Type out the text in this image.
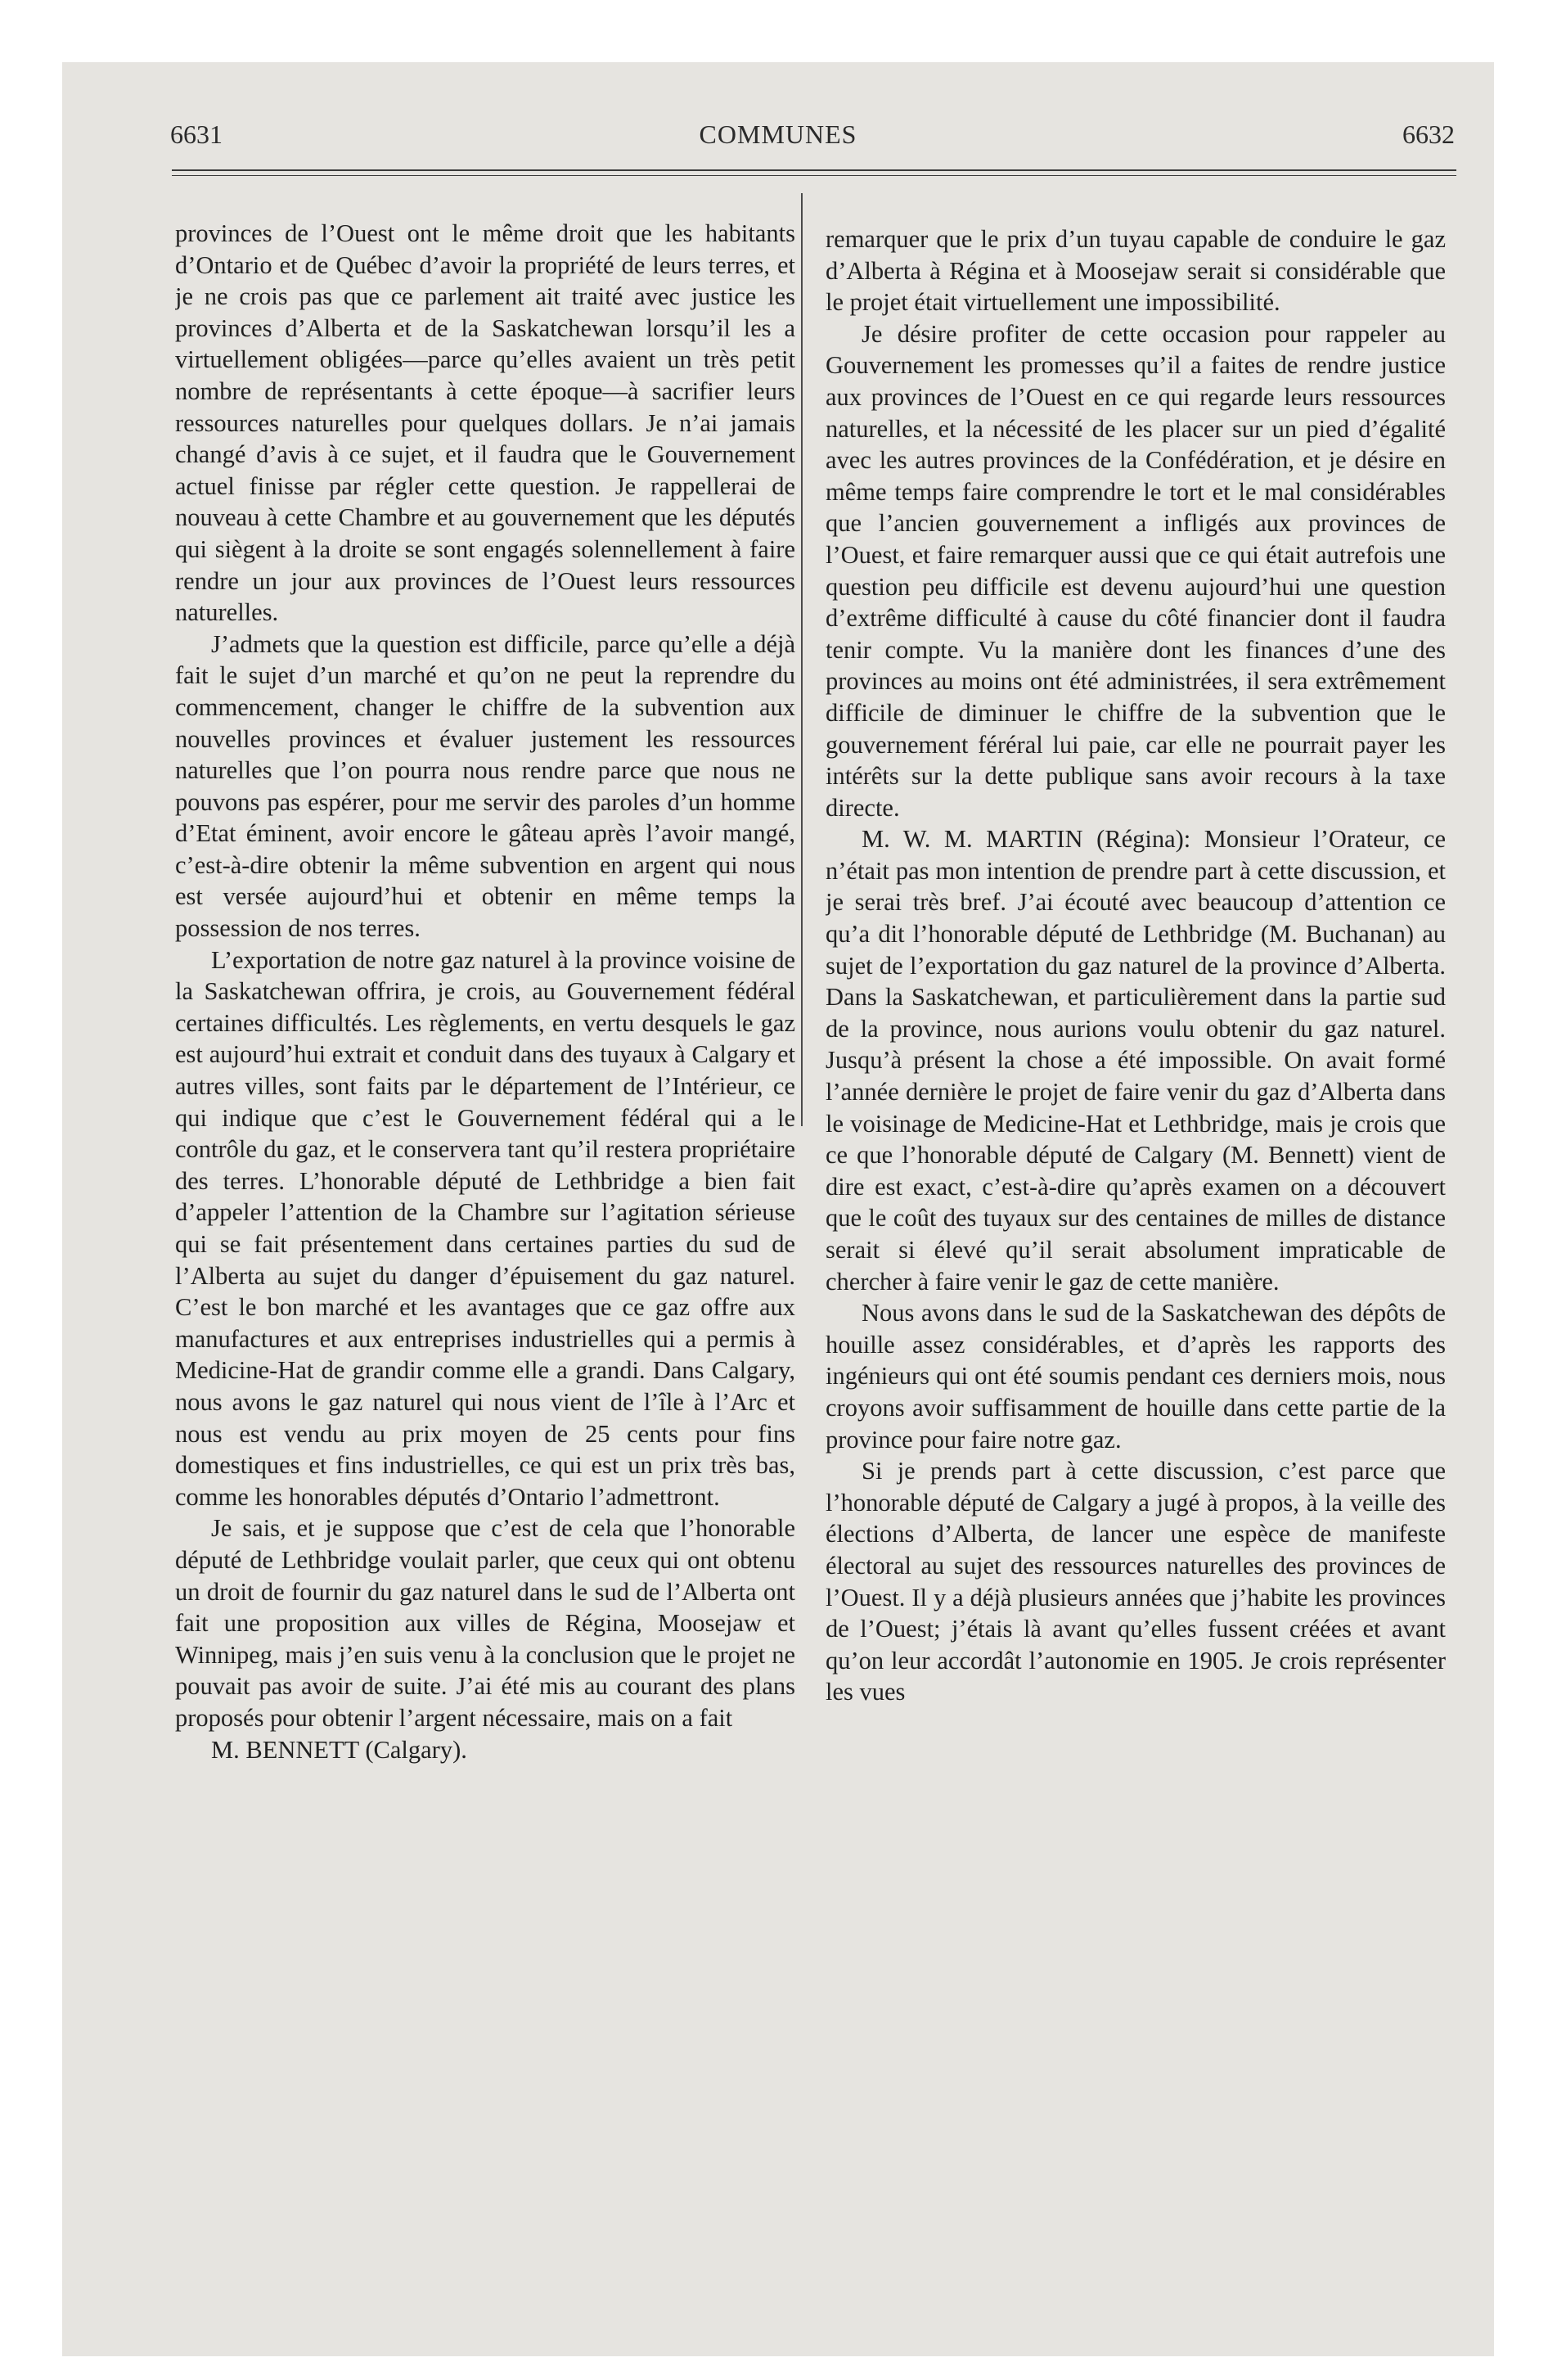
6631	COMMUNES	6632

provinces de l’Ouest ont le même droit que les habitants d’Ontario et de Québec d’avoir la propriété de leurs terres, et je ne crois pas que ce parlement ait traité avec justice les provinces d’Alberta et de la Saskatchewan lorsqu’il les a virtuellement obligées—parce qu’elles avaient un très petit nombre de représentants à cette époque—à sacrifier leurs ressources naturelles pour quelques dollars. Je n’ai jamais changé d’avis à ce sujet, et il faudra que le Gouvernement actuel finisse par régler cette question. Je rappellerai de nouveau à cette Chambre et au gouvernement que les députés qui siègent à la droite se sont engagés solennellement à faire rendre un jour aux provinces de l’Ouest leurs ressources naturelles.

J’admets que la question est difficile, parce qu’elle a déjà fait le sujet d’un marché et qu’on ne peut la reprendre du commencement, changer le chiffre de la subvention aux nouvelles provinces et évaluer justement les ressources naturelles que l’on pourra nous rendre parce que nous ne pouvons pas espérer, pour me servir des paroles d’un homme d’Etat éminent, avoir encore le gâteau après l’avoir mangé, c’est-à-dire obtenir la même subvention en argent qui nous est versée aujourd’hui et obtenir en même temps la possession de nos terres.

L’exportation de notre gaz naturel à la province voisine de la Saskatchewan offrira, je crois, au Gouvernement fédéral certaines difficultés. Les règlements, en vertu desquels le gaz est aujourd’hui extrait et conduit dans des tuyaux à Calgary et autres villes, sont faits par le département de l’Intérieur, ce qui indique que c’est le Gouvernement fédéral qui a le contrôle du gaz, et le conservera tant qu’il restera propriétaire des terres. L’honorable député de Lethbridge a bien fait d’appeler l’attention de la Chambre sur l’agitation sérieuse qui se fait présentement dans certaines parties du sud de l’Alberta au sujet du danger d’épuisement du gaz naturel. C’est le bon marché et les avantages que ce gaz offre aux manufactures et aux entreprises industrielles qui a permis à Medicine-Hat de grandir comme elle a grandi. Dans Calgary, nous avons le gaz naturel qui nous vient de l’île à l’Arc et nous est vendu au prix moyen de 25 cents pour fins domestiques et fins industrielles, ce qui est un prix très bas, comme les honorables députés d’Ontario l’admettront.

Je sais, et je suppose que c’est de cela que l’honorable député de Lethbridge voulait parler, que ceux qui ont obtenu un droit de fournir du gaz naturel dans le sud de l’Alberta ont fait une proposition aux villes de Régina, Moosejaw et Winnipeg, mais j’en suis venu à la conclusion que le projet ne pouvait pas avoir de suite. J’ai été mis au courant des plans proposés pour obtenir l’argent nécessaire, mais on a fait

M. BENNETT (Calgary).

remarquer que le prix d’un tuyau capable de conduire le gaz d’Alberta à Régina et à Moosejaw serait si considérable que le projet était virtuellement une impossibilité.

Je désire profiter de cette occasion pour rappeler au Gouvernement les promesses qu’il a faites de rendre justice aux provinces de l’Ouest en ce qui regarde leurs ressources naturelles, et la nécessité de les placer sur un pied d’égalité avec les autres provinces de la Confédération, et je désire en même temps faire comprendre le tort et le mal considérables que l’ancien gouvernement a infligés aux provinces de l’Ouest, et faire remarquer aussi que ce qui était autrefois une question peu difficile est devenu aujourd’hui une question d’extrême difficulté à cause du côté financier dont il faudra tenir compte. Vu la manière dont les finances d’une des provinces au moins ont été administrées, il sera extrêmement difficile de diminuer le chiffre de la subvention que le gouvernement féréral lui paie, car elle ne pourrait payer les intérêts sur la dette publique sans avoir recours à la taxe directe.

M. W. M. MARTIN (Régina): Monsieur l’Orateur, ce n’était pas mon intention de prendre part à cette discussion, et je serai très bref. J’ai écouté avec beaucoup d’attention ce qu’a dit l’honorable député de Lethbridge (M. Buchanan) au sujet de l’exportation du gaz naturel de la province d’Alberta. Dans la Saskatchewan, et particulièrement dans la partie sud de la province, nous aurions voulu obtenir du gaz naturel. Jusqu’à présent la chose a été impossible. On avait formé l’année dernière le projet de faire venir du gaz d’Alberta dans le voisinage de Medicine-Hat et Lethbridge, mais je crois que ce que l’honorable député de Calgary (M. Bennett) vient de dire est exact, c’est-à-dire qu’après examen on a découvert que le coût des tuyaux sur des centaines de milles de distance serait si élevé qu’il serait absolument impraticable de chercher à faire venir le gaz de cette manière.

Nous avons dans le sud de la Saskatchewan des dépôts de houille assez considérables, et d’après les rapports des ingénieurs qui ont été soumis pendant ces derniers mois, nous croyons avoir suffisamment de houille dans cette partie de la province pour faire notre gaz.

Si je prends part à cette discussion, c’est parce que l’honorable député de Calgary a jugé à propos, à la veille des élections d’Alberta, de lancer une espèce de manifeste électoral au sujet des ressources naturelles des provinces de l’Ouest. Il y a déjà plusieurs années que j’habite les provinces de l’Ouest; j’étais là avant qu’elles fussent créées et avant qu’on leur accordât l’autonomie en 1905. Je crois représenter les vues
